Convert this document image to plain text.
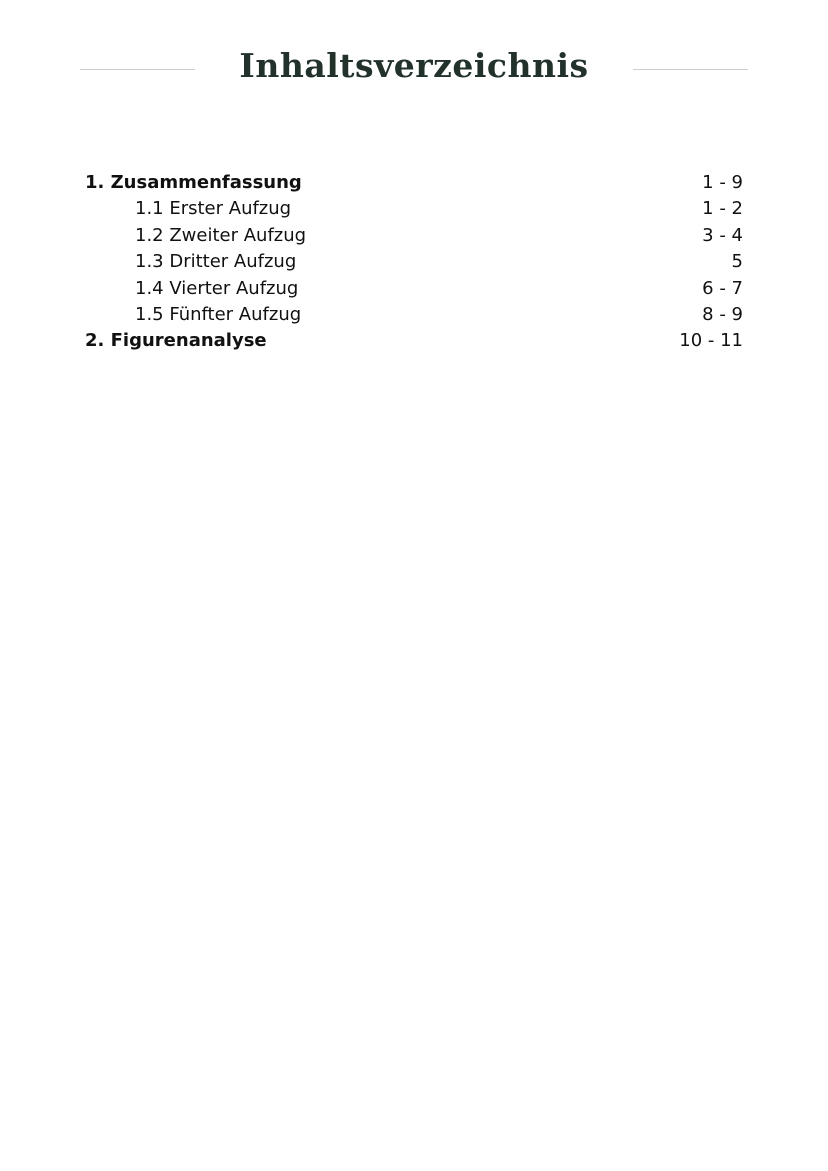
Inhaltsverzeichnis
1. Zusammenfassung	1 - 9
1.1 Erster Aufzug	1 - 2
1.2 Zweiter Aufzug	3 - 4
1.3 Dritter Aufzug	5
1.4 Vierter Aufzug	6 - 7
1.5 Fünfter Aufzug	8 - 9
2. Figurenanalyse	10 - 11
